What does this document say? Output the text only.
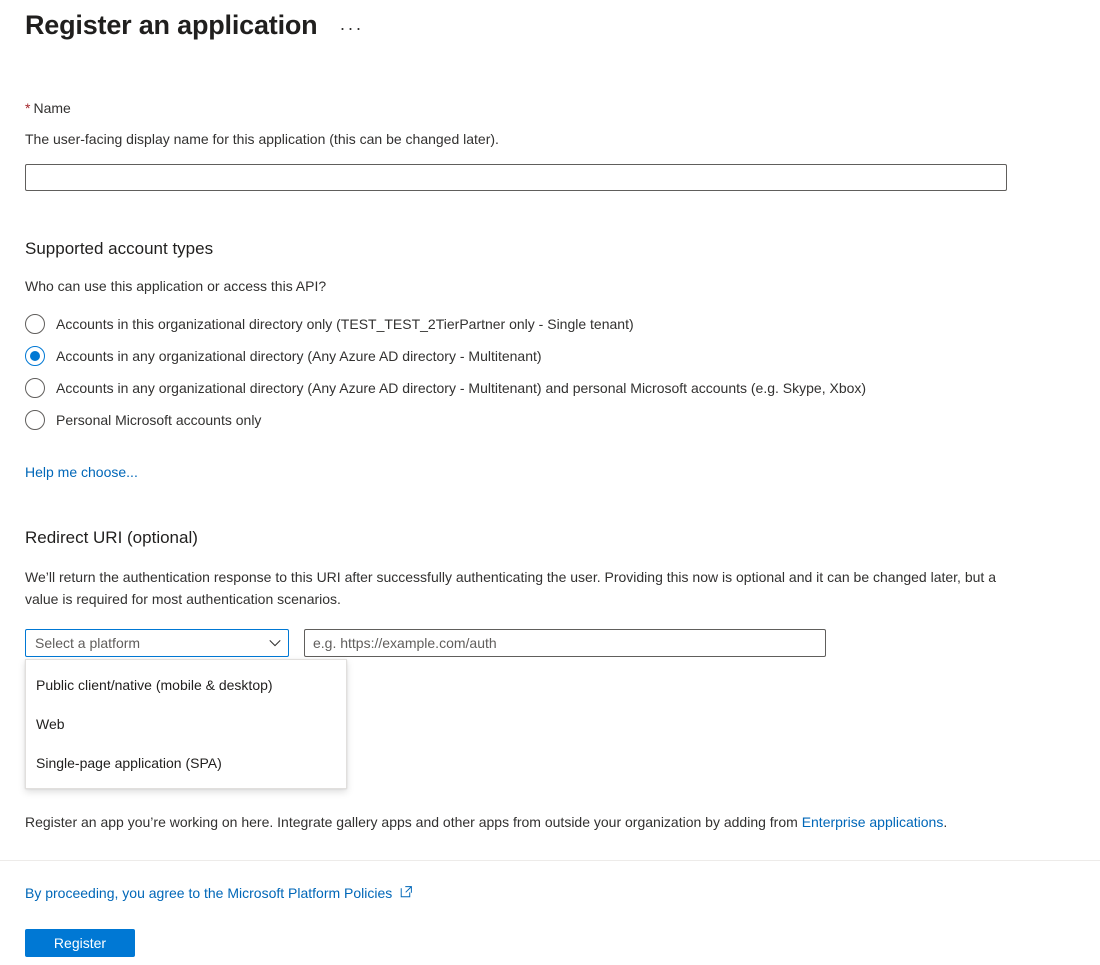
Register an application ···
* Name
The user-facing display name for this application (this can be changed later).
Supported account types
Who can use this application or access this API?
Accounts in this organizational directory only (TEST_TEST_2TierPartner only - Single tenant)
Accounts in any organizational directory (Any Azure AD directory - Multitenant)
Accounts in any organizational directory (Any Azure AD directory - Multitenant) and personal Microsoft accounts (e.g. Skype, Xbox)
Personal Microsoft accounts only
Help me choose...
Redirect URI (optional)
We’ll return the authentication response to this URI after successfully authenticating the user. Providing this now is optional and it can be changed later, but a value is required for most authentication scenarios.
Select a platform
Public client/native (mobile & desktop)
Web
Single-page application (SPA)
e.g. https://example.com/auth
Register an app you’re working on here. Integrate gallery apps and other apps from outside your organization by adding from Enterprise applications.
By proceeding, you agree to the Microsoft Platform Policies
Register
